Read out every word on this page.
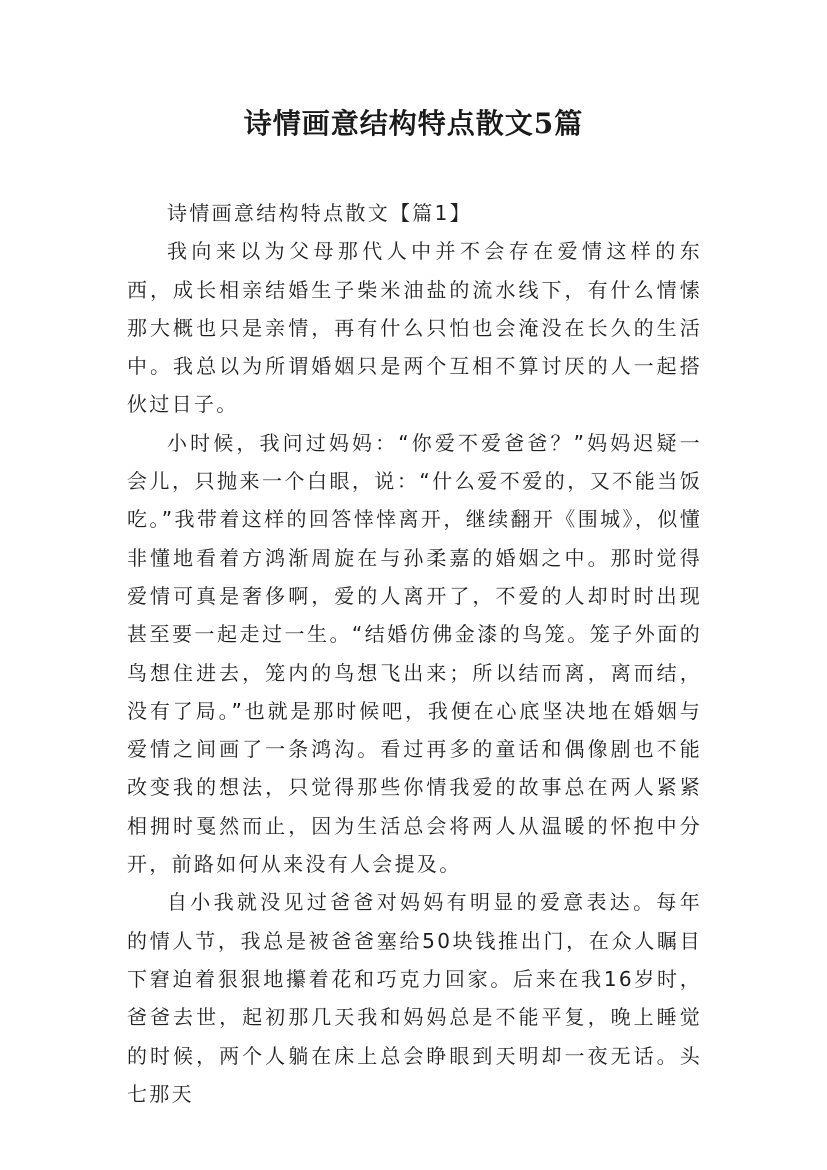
诗情画意结构特点散文5篇
诗情画意结构特点散文【篇1】

我向来以为父母那代人中并不会存在爱情这样的东西，成长相亲结婚生子柴米油盐的流水线下，有什么情愫那大概也只是亲情，再有什么只怕也会淹没在长久的生活中。我总以为所谓婚姻只是两个互相不算讨厌的人一起搭伙过日子。

小时候，我问过妈妈：“你爱不爱爸爸？”妈妈迟疑一会儿，只抛来一个白眼，说：“什么爱不爱的，又不能当饭吃。”我带着这样的回答悻悻离开，继续翻开《围城》，似懂非懂地看着方鸿渐周旋在与孙柔嘉的婚姻之中。那时觉得爱情可真是奢侈啊，爱的人离开了，不爱的人却时时出现甚至要一起走过一生。“结婚仿佛金漆的鸟笼。笼子外面的鸟想住进去，笼内的鸟想飞出来；所以结而离，离而结，没有了局。”也就是那时候吧，我便在心底坚决地在婚姻与爱情之间画了一条鸿沟。看过再多的童话和偶像剧也不能改变我的想法，只觉得那些你情我爱的故事总在两人紧紧相拥时戛然而止，因为生活总会将两人从温暖的怀抱中分开，前路如何从来没有人会提及。

自小我就没见过爸爸对妈妈有明显的爱意表达。每年的情人节，我总是被爸爸塞给50块钱推出门，在众人瞩目下窘迫着狠狠地攥着花和巧克力回家。后来在我16岁时，爸爸去世，起初那几天我和妈妈总是不能平复，晚上睡觉的时候，两个人躺在床上总会睁眼到天明却一夜无话。头七那天
